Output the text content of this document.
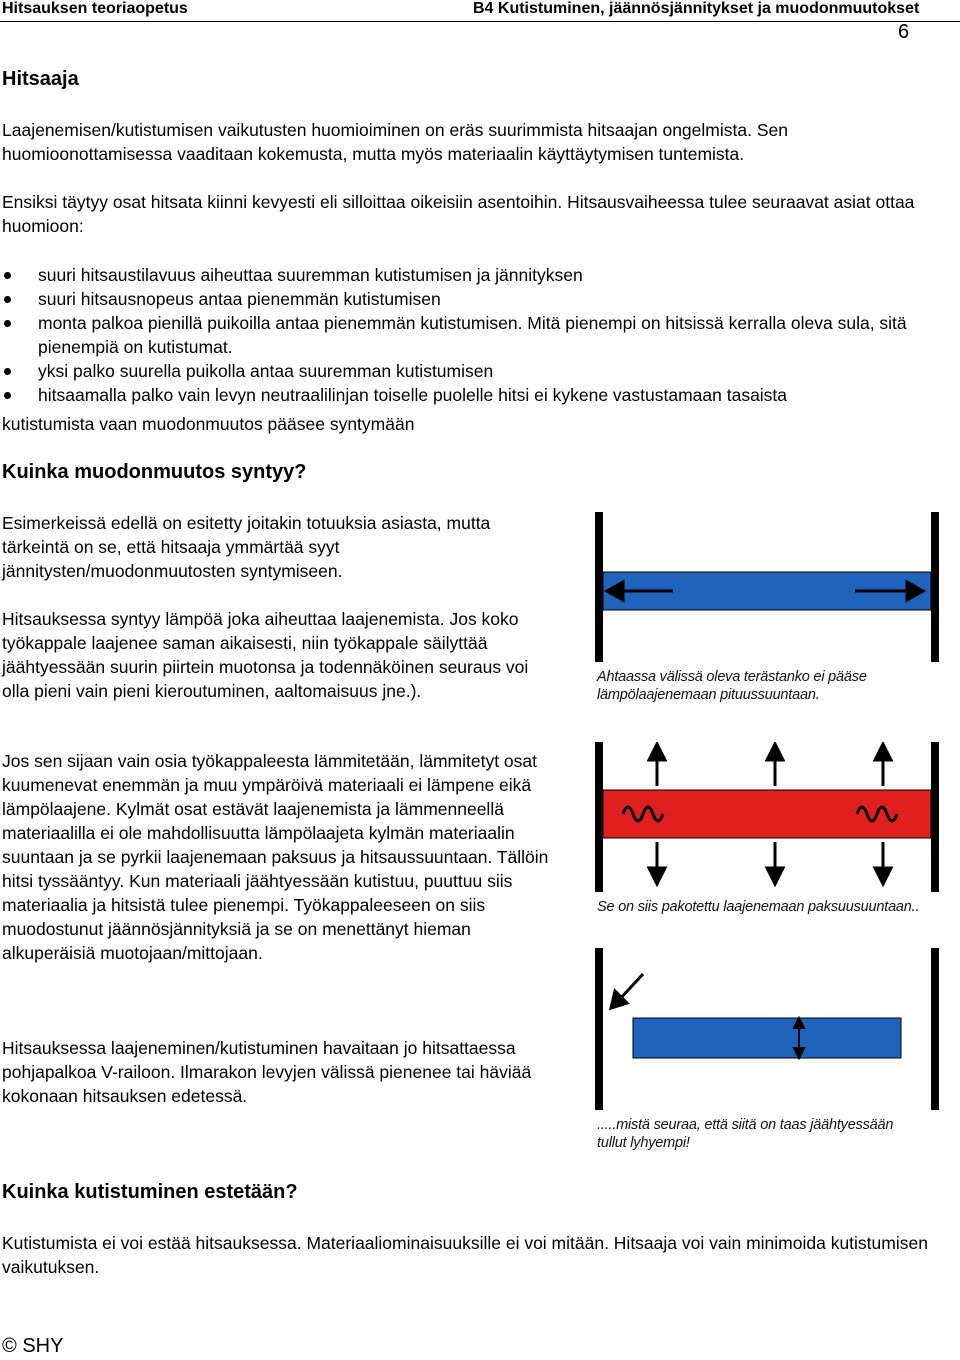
Hitsauksen teoriaopetus	B4 Kutistuminen, jäännösjännitykset ja muodonmuutokset
6
Hitsaaja

Laajenemisen/kutistumisen vaikutusten huomioiminen on eräs suurimmista hitsaajan ongelmista. Sen huomioonottamisessa vaaditaan kokemusta, mutta myös materiaalin käyttäytymisen tuntemista.

Ensiksi täytyy osat hitsata kiinni kevyesti eli silloittaa oikeisiin asentoihin. Hitsausvaiheessa tulee seuraavat asiat ottaa huomioon:

suuri hitsaustilavuus aiheuttaa suuremman kutistumisen ja jännityksen
suuri hitsausnopeus antaa pienemmän kutistumisen
monta palkoa pienillä puikoilla antaa pienemmän kutistumisen. Mitä pienempi on hitsissä kerralla oleva sula, sitä pienempiä on kutistumat.
yksi palko suurella puikolla antaa suuremman kutistumisen
hitsaamalla palko vain levyn neutraalilinjan toiselle puolelle hitsi ei kykene vastustamaan tasaista
kutistumista vaan muodonmuutos pääsee syntymään
Kuinka muodonmuutos syntyy?

Esimerkeissä edellä on esitetty joitakin totuuksia asiasta, mutta tärkeintä on se, että hitsaaja ymmärtää syyt jännitysten/muodonmuutosten syntymiseen.

Hitsauksessa syntyy lämpöä joka aiheuttaa laajenemista. Jos koko työkappale laajenee saman aikaisesti, niin työkappale säilyttää jäähtyessään suurin piirtein muotonsa ja todennäköinen seuraus voi olla pieni vain pieni kieroutuminen, aaltomaisuus jne.).

Jos sen sijaan vain osia työkappaleesta lämmitetään, lämmitetyt osat kuumenevat enemmän ja muu ympäröivä materiaali ei lämpene eikä lämpölaajene. Kylmät osat estävät laajenemista ja lämmenneellä materiaalilla ei ole mahdollisuutta lämpölaajeta kylmän materiaalin suuntaan ja se pyrkii laajenemaan paksuus ja hitsaussuuntaan. Tällöin hitsi tyssääntyy. Kun materiaali jäähtyessään kutistuu, puuttuu siis materiaalia ja hitsistä tulee pienempi. Työkappaleeseen on siis muodostunut jäännösjännityksiä ja se on menettänyt hieman alkuperäisiä muotojaan/mittojaan.

Hitsauksessa laajeneminen/kutistuminen havaitaan jo hitsattaessa pohjapalkoa V-railoon. Ilmarakon levyjen välissä pienenee tai häviää kokonaan hitsauksen edetessä.

Ahtaassa välissä oleva terästanko ei pääse
lämpölaajenemaan pituussuuntaan.
Se on siis pakotettu laajenemaan paksuusuuntaan..
.....mistä seuraa, että siitä on taas jäähtyessään
tullut lyhyempi!
Kuinka kutistuminen estetään?

Kutistumista ei voi estää hitsauksessa. Materiaaliominaisuuksille ei voi mitään. Hitsaaja voi vain minimoida kutistumisen vaikutuksen.

© SHY
